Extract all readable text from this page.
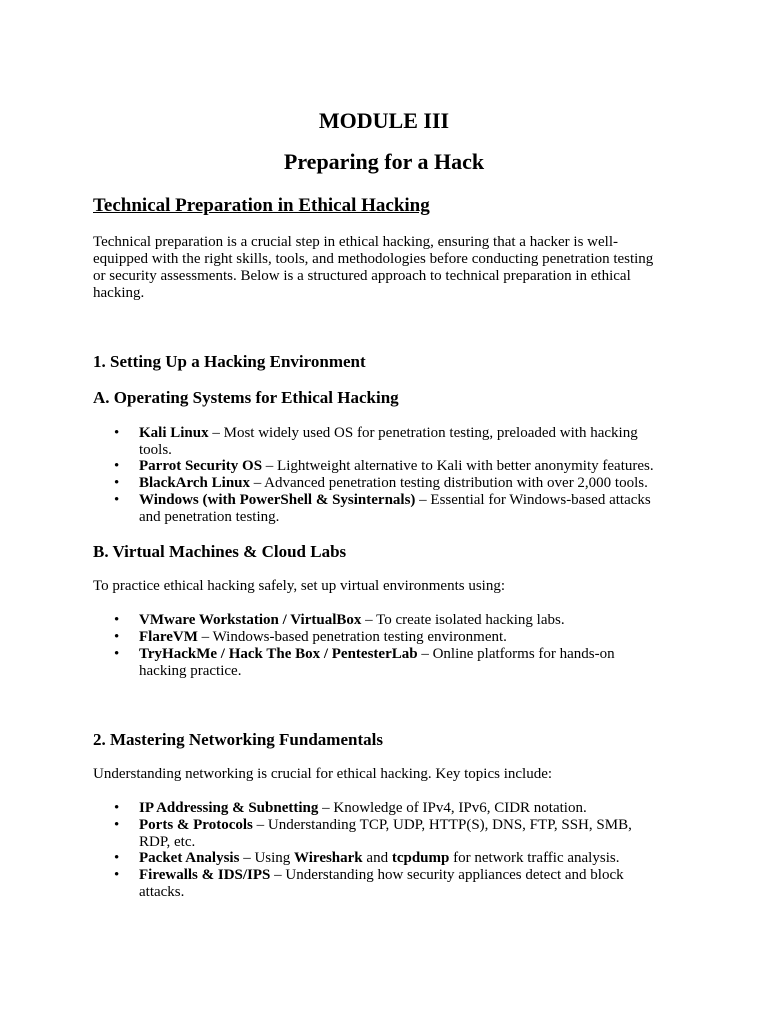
MODULE III
Preparing for a Hack
Technical Preparation in Ethical Hacking

Technical preparation is a crucial step in ethical hacking, ensuring that a hacker is well-

equipped with the right skills, tools, and methodologies before conducting penetration testing

or security assessments. Below is a structured approach to technical preparation in ethical

hacking.

1. Setting Up a Hacking Environment
A. Operating Systems for Ethical Hacking
• Kali Linux – Most widely used OS for penetration testing, preloaded with hacking
tools.
• Parrot Security OS – Lightweight alternative to Kali with better anonymity features.
• BlackArch Linux – Advanced penetration testing distribution with over 2,000 tools.
• Windows (with PowerShell & Sysinternals) – Essential for Windows-based attacks
and penetration testing.
B. Virtual Machines & Cloud Labs

To practice ethical hacking safely, set up virtual environments using:

• VMware Workstation / VirtualBox – To create isolated hacking labs.
• FlareVM – Windows-based penetration testing environment.
• TryHackMe / Hack The Box / PentesterLab – Online platforms for hands-on
hacking practice.
2. Mastering Networking Fundamentals

Understanding networking is crucial for ethical hacking. Key topics include:

• IP Addressing & Subnetting – Knowledge of IPv4, IPv6, CIDR notation.
• Ports & Protocols – Understanding TCP, UDP, HTTP(S), DNS, FTP, SSH, SMB,
RDP, etc.
• Packet Analysis – Using Wireshark and tcpdump for network traffic analysis.
• Firewalls & IDS/IPS – Understanding how security appliances detect and block
attacks.
